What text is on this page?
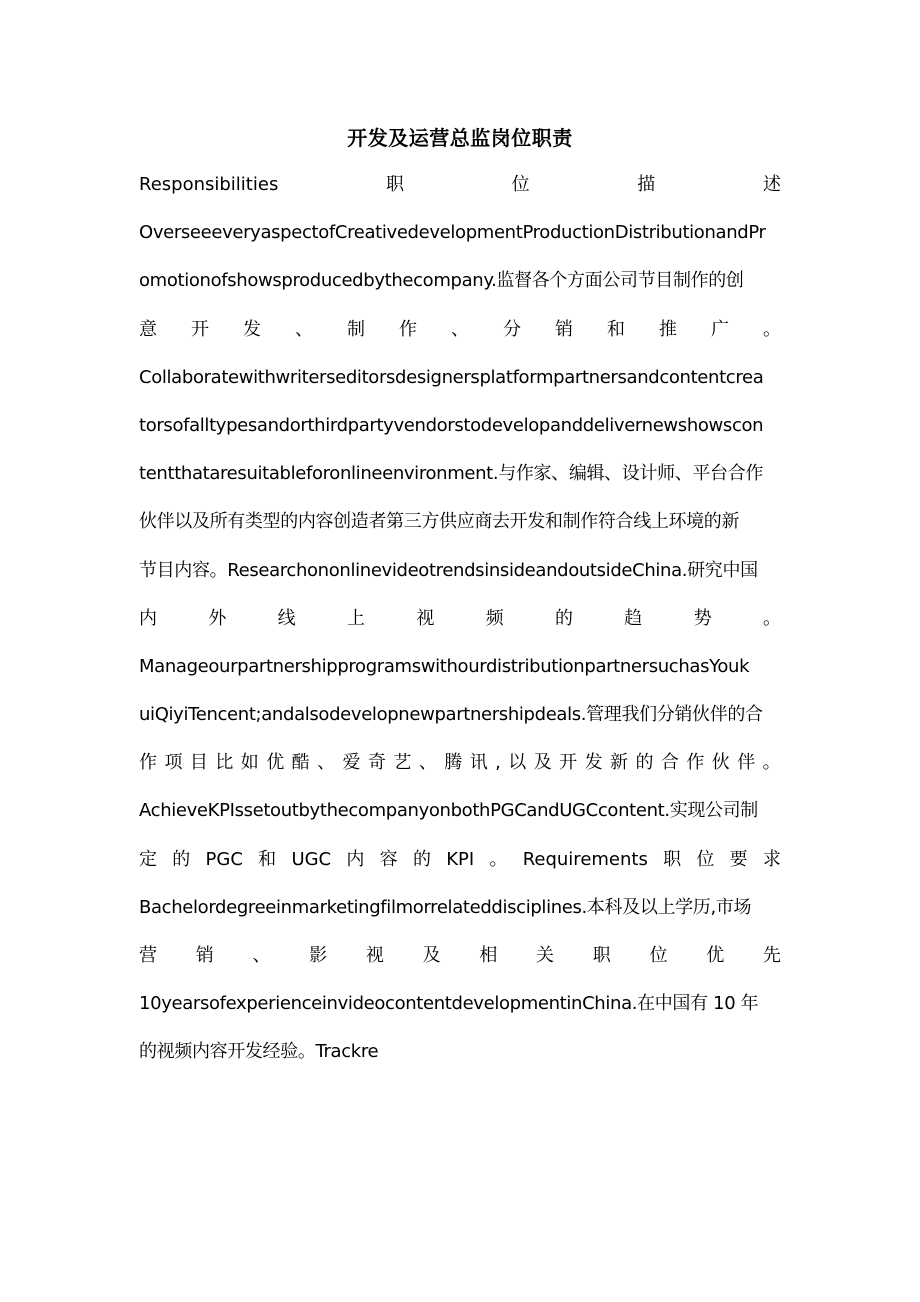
开发及运营总监岗位职责
Responsibilities	职	位	描	述
OverseeeveryaspectofCreativedevelopmentProductionDistributionandPr
omotionofshowsproducedbythecompany.监督各个方面公司节目制作的创
意 开 发 、 制 作 、 分 销 和 推 广 。
Collaboratewithwriterseditorsdesignersplatformpartnersandcontentcrea
torsofalltypesandorthirdpartyvendorstodevelopanddelivernewshowscon
tentthataresuitableforonlineenvironment.与作家、编辑、设计师、平台合作
伙伴以及所有类型的内容创造者第三方供应商去开发和制作符合线上环境的新
节目内容。ResearchononlinevideotrendsinsideandoutsideChina.研究中国
内	外	线	上	视	频	的	趋	势	。
ManageourpartnershipprogramswithourdistributionpartnersuchasYouk
uiQiyiTencent;andalsodevelopnewpartnershipdeals.管理我们分销伙伴的合
作 项 目 比 如 优 酷 、 爱 奇 艺 、 腾 讯 , 以 及 开 发 新 的 合 作 伙 伴 。
AchieveKPIssetoutbythecompanyonbothPGCandUGCcontent.实现公司制
定 的 PGC 和 UGC 内 容 的 KPI 。 Requirements 职 位 要 求
Bachelordegreeinmarketingfilmorrelateddisciplines.本科及以上学历,市场
营 销 、 影 视 及 相 关 职 位 优 先
10yearsofexperienceinvideocontentdevelopmentinChina.在中国有 10 年
的视频内容开发经验。Trackre
